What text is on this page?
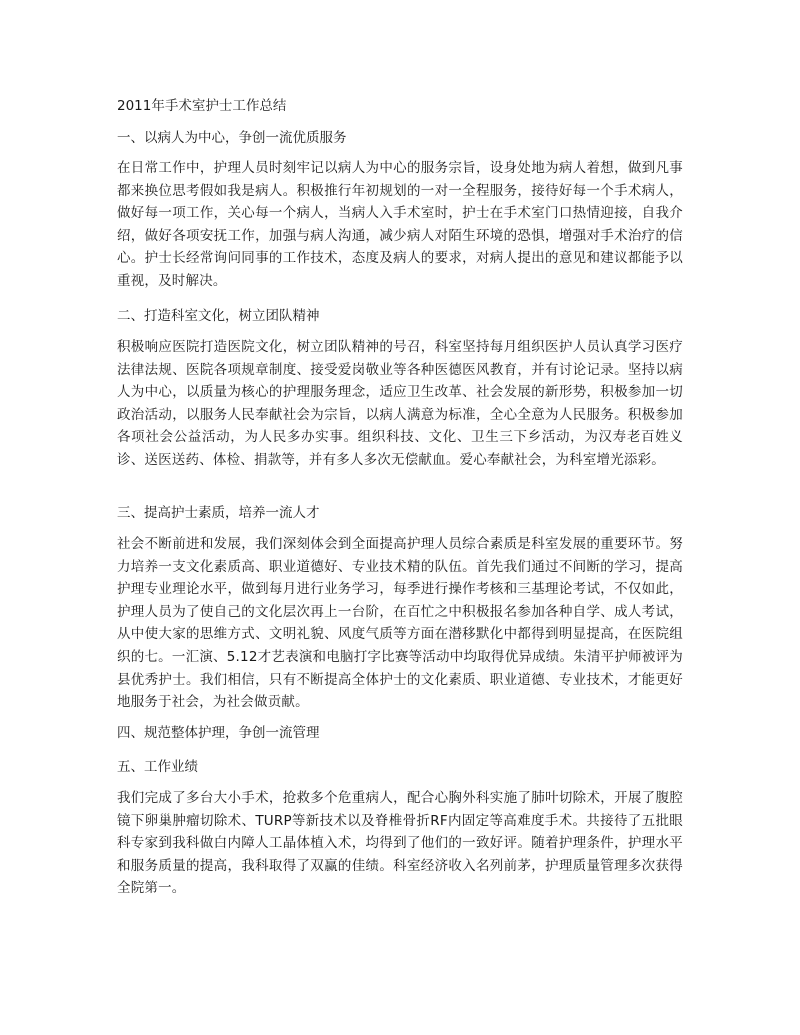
2011年手术室护士工作总结
一、以病人为中心，争创一流优质服务
在日常工作中，护理人员时刻牢记以病人为中心的服务宗旨，设身处地为病人着想，做到凡事都来换位思考假如我是病人。积极推行年初规划的一对一全程服务，接待好每一个手术病人，做好每一项工作，关心每一个病人，当病人入手术室时，护士在手术室门口热情迎接，自我介绍，做好各项安抚工作，加强与病人沟通，减少病人对陌生环境的恐惧，增强对手术治疗的信心。护士长经常询问同事的工作技术，态度及病人的要求，对病人提出的意见和建议都能予以重视，及时解决。
二、打造科室文化，树立团队精神
积极响应医院打造医院文化，树立团队精神的号召，科室坚持每月组织医护人员认真学习医疗法律法规、医院各项规章制度、接受爱岗敬业等各种医德医风教育，并有讨论记录。坚持以病人为中心，以质量为核心的护理服务理念，适应卫生改革、社会发展的新形势，积极参加一切政治活动，以服务人民奉献社会为宗旨，以病人满意为标准，全心全意为人民服务。积极参加各项社会公益活动，为人民多办实事。组织科技、文化、卫生三下乡活动，为汉寿老百姓义诊、送医送药、体检、捐款等，并有多人多次无偿献血。爱心奉献社会，为科室增光添彩。
三、提高护士素质，培养一流人才
社会不断前进和发展，我们深刻体会到全面提高护理人员综合素质是科室发展的重要环节。努力培养一支文化素质高、职业道德好、专业技术精的队伍。首先我们通过不间断的学习，提高护理专业理论水平，做到每月进行业务学习，每季进行操作考核和三基理论考试，不仅如此，护理人员为了使自己的文化层次再上一台阶，在百忙之中积极报名参加各种自学、成人考试，从中使大家的思维方式、文明礼貌、风度气质等方面在潜移默化中都得到明显提高，在医院组织的七。一汇演、5.12才艺表演和电脑打字比赛等活动中均取得优异成绩。朱清平护师被评为县优秀护士。我们相信，只有不断提高全体护士的文化素质、职业道德、专业技术，才能更好地服务于社会，为社会做贡献。
四、规范整体护理，争创一流管理
五、工作业绩
我们完成了多台大小手术，抢救多个危重病人，配合心胸外科实施了肺叶切除术，开展了腹腔镜下卵巢肿瘤切除术、TURP等新技术以及脊椎骨折RF内固定等高难度手术。共接待了五批眼科专家到我科做白内障人工晶体植入术，均得到了他们的一致好评。随着护理条件，护理水平和服务质量的提高，我科取得了双赢的佳绩。科室经济收入名列前茅，护理质量管理多次获得全院第一。
